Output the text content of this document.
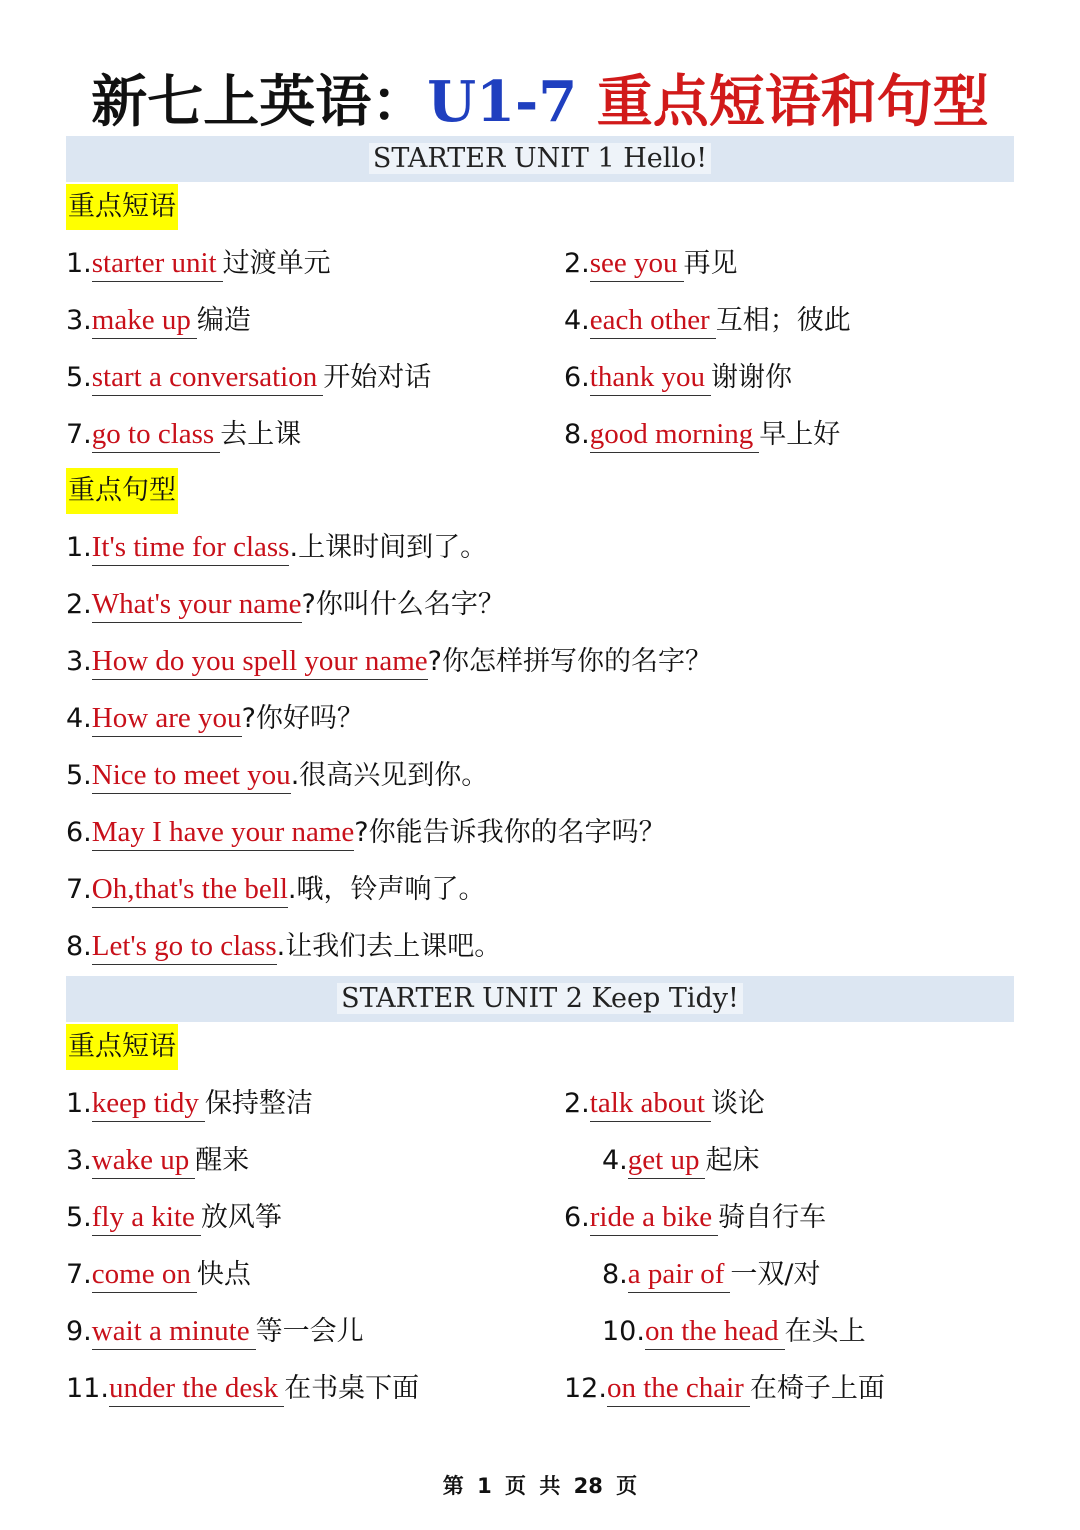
新七上英语：U1-7 重点短语和句型
STARTER UNIT 1 Hello!
重点短语
1.starter unit 过渡单元	2.see you 再见
3.make up 编造	4.each other 互相；彼此
5.start a conversation 开始对话	6.thank you 谢谢你
7.go to class 去上课	8.good morning 早上好
重点句型
1.It's time for class.上课时间到了。
2.What's your name?你叫什么名字？
3.How do you spell your name?你怎样拼写你的名字？
4.How are you?你好吗？
5.Nice to meet you.很高兴见到你。
6.May I have your name?你能告诉我你的名字吗？
7.Oh,that's the bell.哦，铃声响了。
8.Let's go to class.让我们去上课吧。
STARTER UNIT 2 Keep Tidy!
重点短语
1.keep tidy 保持整洁	2.talk about 谈论
3.wake up 醒来	4.get up 起床
5.fly a kite 放风筝	6.ride a bike 骑自行车
7.come on 快点	8.a pair of 一双/对
9.wait a minute 等一会儿	10.on the head 在头上
11.under the desk 在书桌下面	12.on the chair 在椅子上面
第 1 页 共 28 页
